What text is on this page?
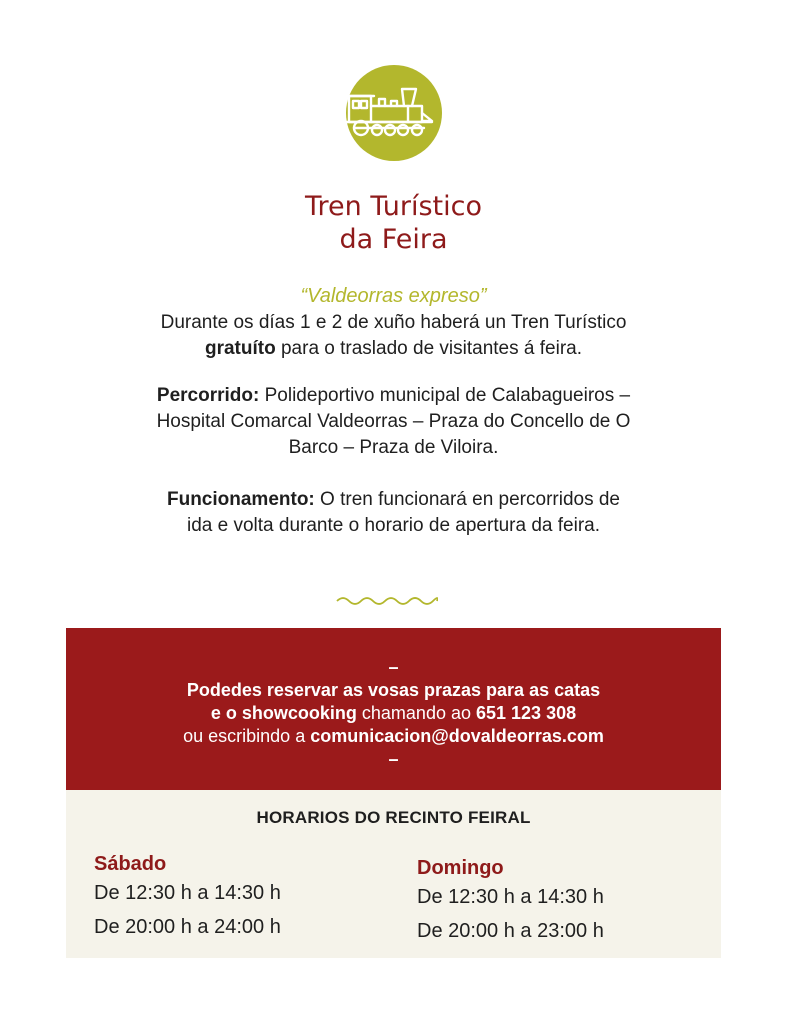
Tren Turístico
da Feira
“Valdeorras expreso”
Durante os días 1 e 2 de xuño haberá un Tren Turístico
gratuíto para o traslado de visitantes á feira.
Percorrido: Polideportivo municipal de Calabagueiros –
Hospital Comarcal Valdeorras – Praza do Concello de O
Barco – Praza de Viloira.
Funcionamento: O tren funcionará en percorridos de
ida e volta durante o horario de apertura da feira.
–
Podedes reservar as vosas prazas para as catas
e o showcooking chamando ao 651 123 308
ou escribindo a comunicacion@dovaldeorras.com
–
HORARIOS DO RECINTO FEIRAL
Sábado
De 12:30 h a 14:30 h
De 20:00 h a 24:00 h
Domingo
De 12:30 h a 14:30 h
De 20:00 h a 23:00 h
